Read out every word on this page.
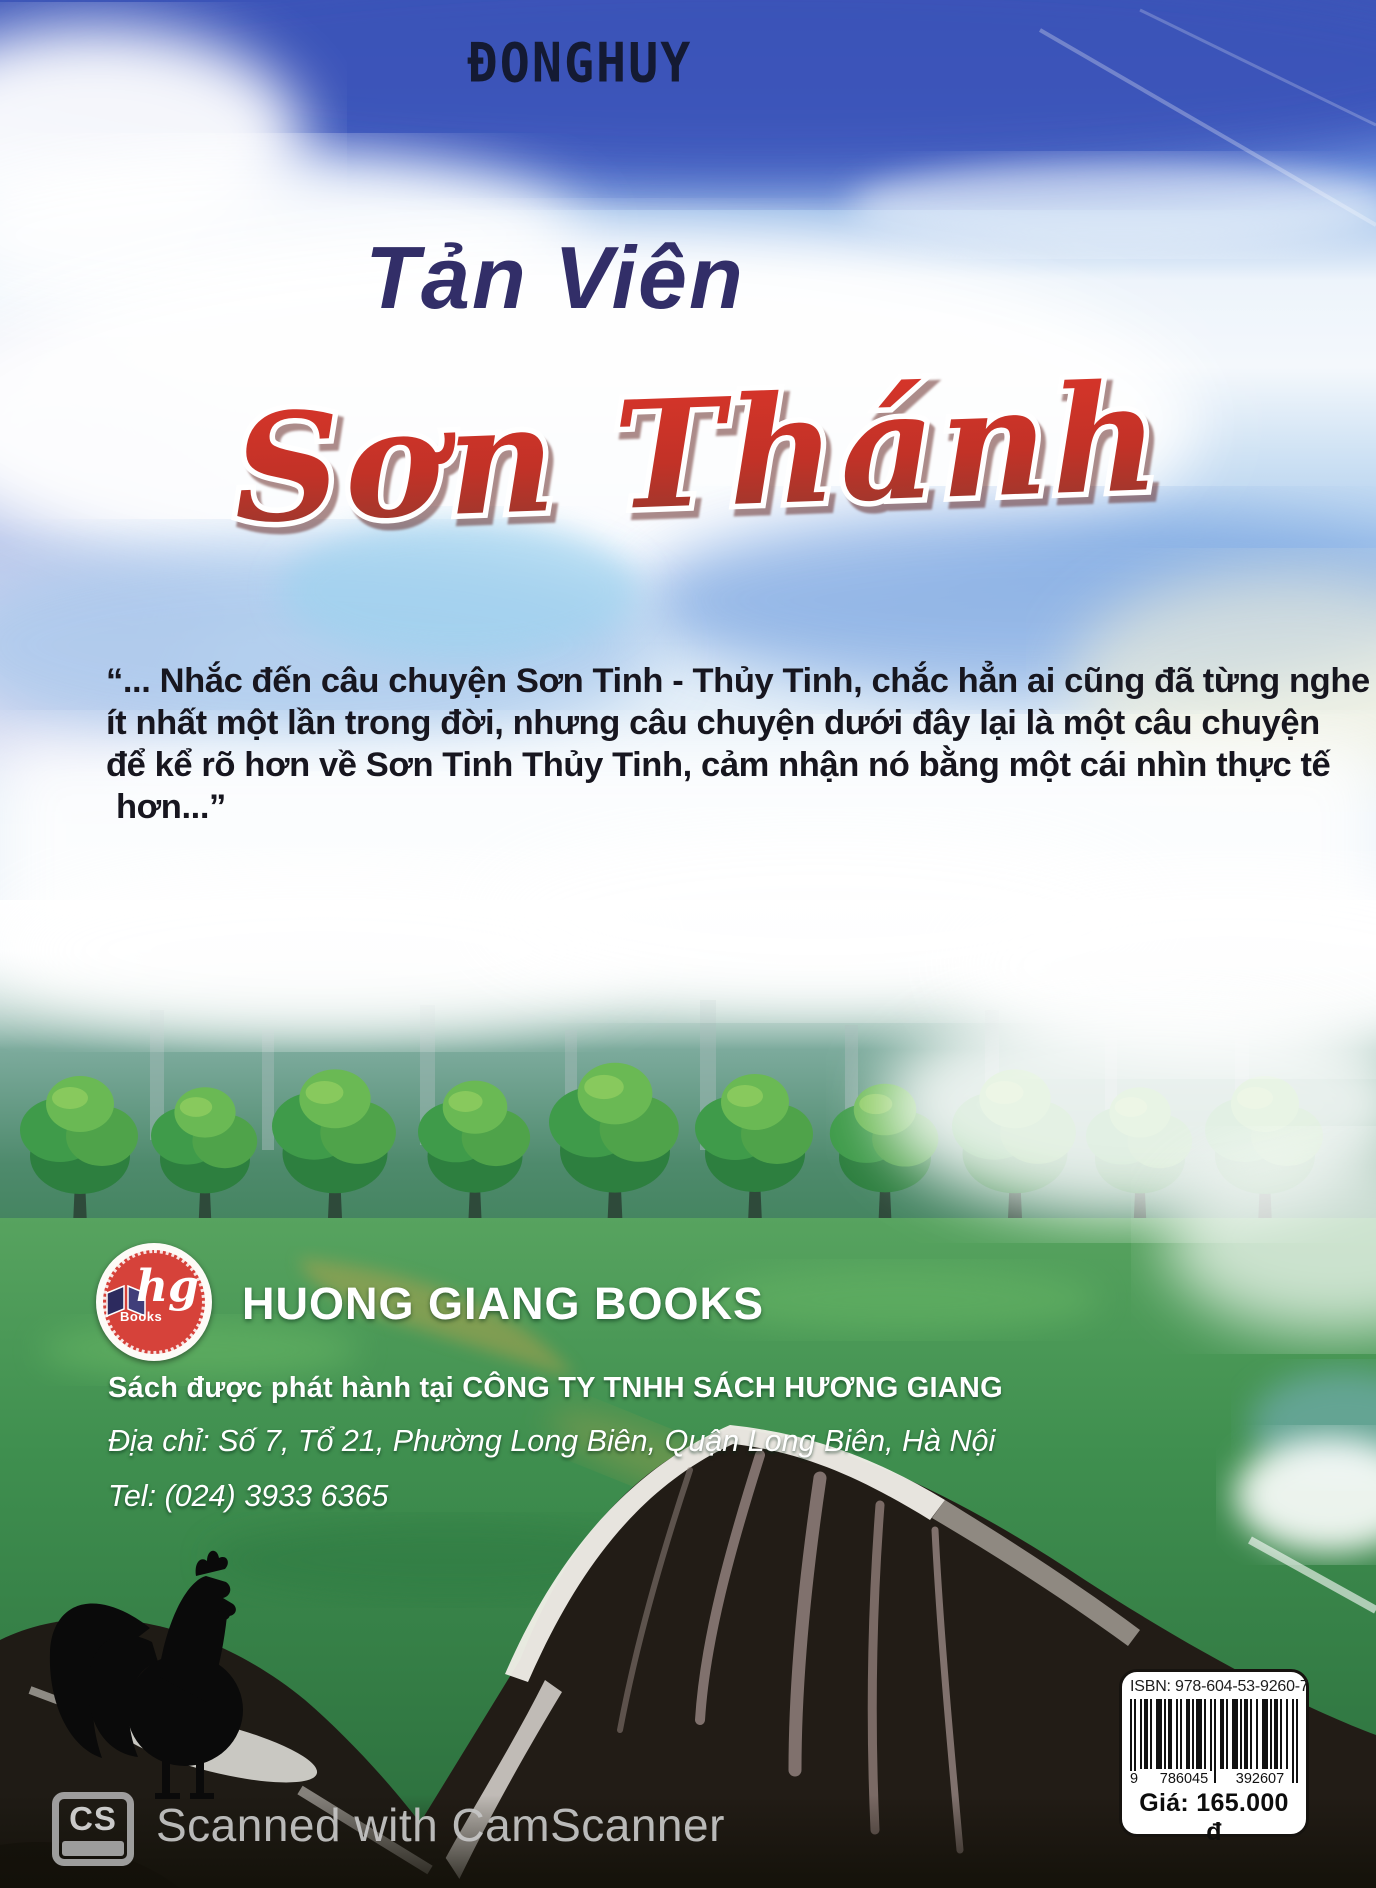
ĐONGHUY
Tản Viên
Sơn Thánh
“... Nhắc đến câu chuyện Sơn Tinh - Thủy Tinh, chắc hẳn ai cũng đã từng nghe
ít nhất một lần trong đời, nhưng câu chuyện dưới đây lại là một câu chuyện
để kể rõ hơn về Sơn Tinh Thủy Tinh, cảm nhận nó bằng một cái nhìn thực tế
hơn...”
hg
Books HUONG GIANG BOOKS

Sách được phát hành tại CÔNG TY TNHH SÁCH HƯƠNG GIANG

Địa chỉ: Số 7, Tổ 21, Phường Long Biên, Quận Long Biên, Hà Nội

Tel: (024) 3933 6365

ISBN: 978-604-53-9260-7
9	786045	392607
Giá: 165.000 đ
CS Scanned with CamScanner
